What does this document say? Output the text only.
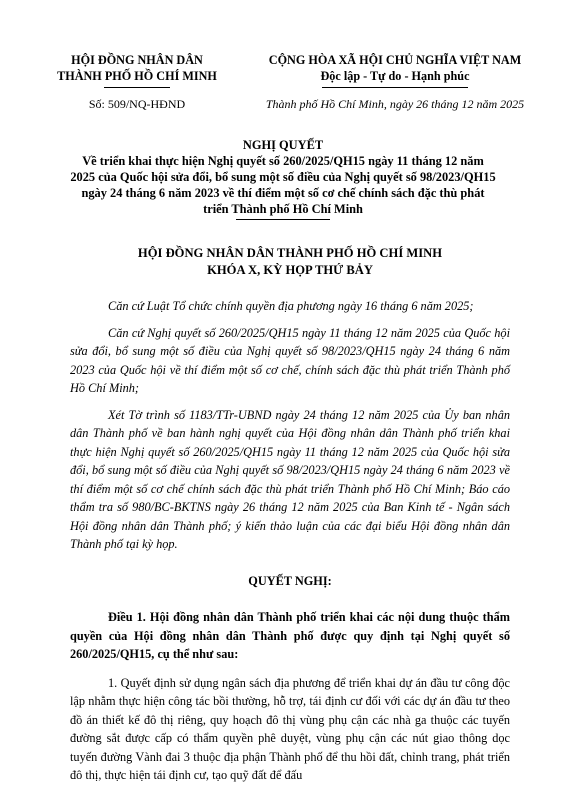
HỘI ĐỒNG NHÂN DÂN
THÀNH PHỐ HỒ CHÍ MINH
CỘNG HÒA XÃ HỘI CHỦ NGHĨA VIỆT NAM
Độc lập - Tự do - Hạnh phúc
Số: 509/NQ-HĐND	Thành phố Hồ Chí Minh, ngày 26 tháng 12 năm 2025
NGHỊ QUYẾT
Về triển khai thực hiện Nghị quyết số 260/2025/QH15 ngày 11 tháng 12 năm 2025 của Quốc hội sửa đổi, bổ sung một số điều của Nghị quyết số 98/2023/QH15 ngày 24 tháng 6 năm 2023 về thí điểm một số cơ chế chính sách đặc thù phát triển Thành phố Hồ Chí Minh
HỘI ĐỒNG NHÂN DÂN THÀNH PHỐ HỒ CHÍ MINH
KHÓA X, KỲ HỌP THỨ BẢY

Căn cứ Luật Tổ chức chính quyền địa phương ngày 16 tháng 6 năm 2025;

Căn cứ Nghị quyết số 260/2025/QH15 ngày 11 tháng 12 năm 2025 của Quốc hội sửa đổi, bổ sung một số điều của Nghị quyết số 98/2023/QH15 ngày 24 tháng 6 năm 2023 của Quốc hội về thí điểm một số cơ chế, chính sách đặc thù phát triển Thành phố Hồ Chí Minh;

Xét Tờ trình số 1183/TTr-UBND ngày 24 tháng 12 năm 2025 của Ủy ban nhân dân Thành phố về ban hành nghị quyết của Hội đồng nhân dân Thành phố triển khai thực hiện Nghị quyết số 260/2025/QH15 ngày 11 tháng 12 năm 2025 của Quốc hội sửa đổi, bổ sung một số điều của Nghị quyết số 98/2023/QH15 ngày 24 tháng 6 năm 2023 về thí điểm một số cơ chế chính sách đặc thù phát triển Thành phố Hồ Chí Minh; Báo cáo thẩm tra số 980/BC-BKTNS ngày 26 tháng 12 năm 2025 của Ban Kinh tế - Ngân sách Hội đồng nhân dân Thành phố; ý kiến thảo luận của các đại biểu Hội đồng nhân dân Thành phố tại kỳ họp.

QUYẾT NGHỊ:

Điều 1. Hội đồng nhân dân Thành phố triển khai các nội dung thuộc thẩm quyền của Hội đồng nhân dân Thành phố được quy định tại Nghị quyết số 260/2025/QH15, cụ thể như sau:

1. Quyết định sử dụng ngân sách địa phương để triển khai dự án đầu tư công độc lập nhằm thực hiện công tác bồi thường, hỗ trợ, tái định cư đối với các dự án đầu tư theo đồ án thiết kế đô thị riêng, quy hoạch đô thị vùng phụ cận các nhà ga thuộc các tuyến đường sắt được cấp có thẩm quyền phê duyệt, vùng phụ cận các nút giao thông dọc tuyến đường Vành đai 3 thuộc địa phận Thành phố để thu hồi đất, chỉnh trang, phát triển đô thị, thực hiện tái định cư, tạo quỹ đất để đấu
